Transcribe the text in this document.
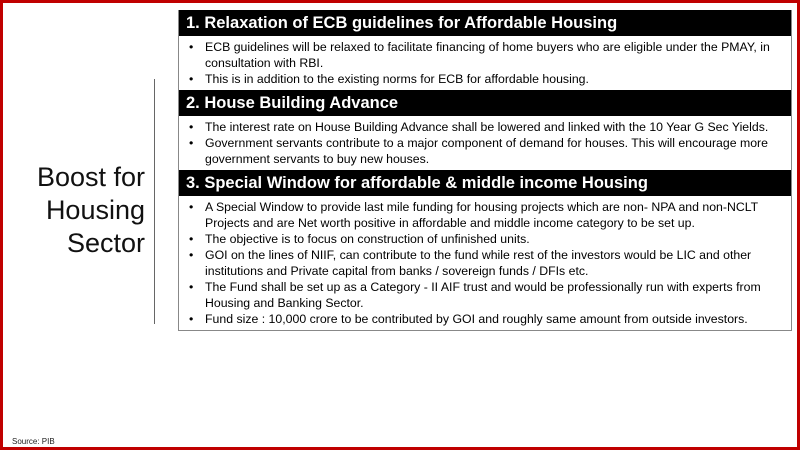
Boost for
Housing
Sector
Source: PIB
1. Relaxation of ECB guidelines for Affordable Housing
• ECB guidelines will be relaxed to facilitate financing of home buyers who are eligible under the PMAY, in consultation with RBI.
• This is in addition to the existing norms for ECB for affordable housing.
2. House Building Advance
• The interest rate on House Building Advance shall be lowered and linked with the 10 Year G Sec Yields.
• Government servants contribute to a major component of demand for houses. This will encourage more government servants to buy new houses.
3. Special Window for affordable & middle income Housing
• A Special Window to provide last mile funding for housing projects which are non- NPA and non-NCLT Projects and are Net worth positive in affordable and middle income category to be set up.
• The objective is to focus on construction of unfinished units.
• GOI on the lines of NIIF, can contribute to the fund while rest of the investors would be LIC and other institutions and Private capital from banks / sovereign funds / DFIs etc.
• The Fund shall be set up as a Category - II AIF trust and would be professionally run with experts from Housing and Banking Sector.
• Fund size : 10,000 crore to be contributed by GOI and roughly same amount from outside investors.
